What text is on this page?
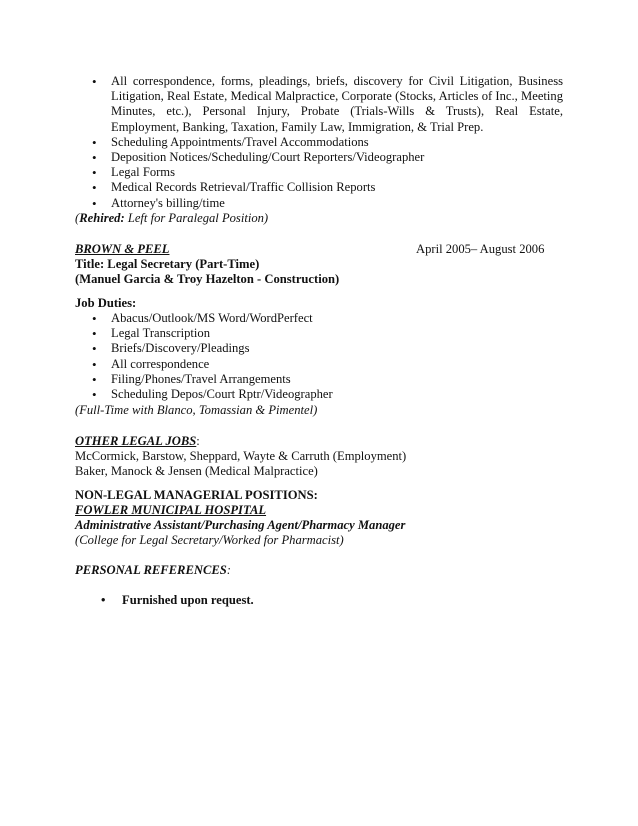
• All correspondence, forms, pleadings, briefs, discovery for Civil Litigation, Business Litigation, Real Estate, Medical Malpractice, Corporate (Stocks, Articles of Inc., Meeting Minutes, etc.), Personal Injury, Probate (Trials-Wills & Trusts), Real Estate, Employment, Banking, Taxation, Family Law, Immigration, & Trial Prep.
• Scheduling Appointments/Travel Accommodations
• Deposition Notices/Scheduling/Court Reporters/Videographer
• Legal Forms
• Medical Records Retrieval/Traffic Collision Reports
• Attorney's billing/time
(Rehired: Left for Paralegal Position)
BROWN & PEEL	April 2005– August 2006
Title: Legal Secretary (Part-Time)
(Manuel Garcia & Troy Hazelton - Construction)
Job Duties:
• Abacus/Outlook/MS Word/WordPerfect
• Legal Transcription
• Briefs/Discovery/Pleadings
• All correspondence
• Filing/Phones/Travel Arrangements
• Scheduling Depos/Court Rptr/Videographer
(Full-Time with Blanco, Tomassian & Pimentel)
OTHER LEGAL JOBS:
McCormick, Barstow, Sheppard, Wayte & Carruth (Employment)
Baker, Manock & Jensen (Medical Malpractice)
NON-LEGAL MANAGERIAL POSITIONS:
FOWLER MUNICIPAL HOSPITAL
Administrative Assistant/Purchasing Agent/Pharmacy Manager
(College for Legal Secretary/Worked for Pharmacist)
PERSONAL REFERENCES:
• Furnished upon request.
